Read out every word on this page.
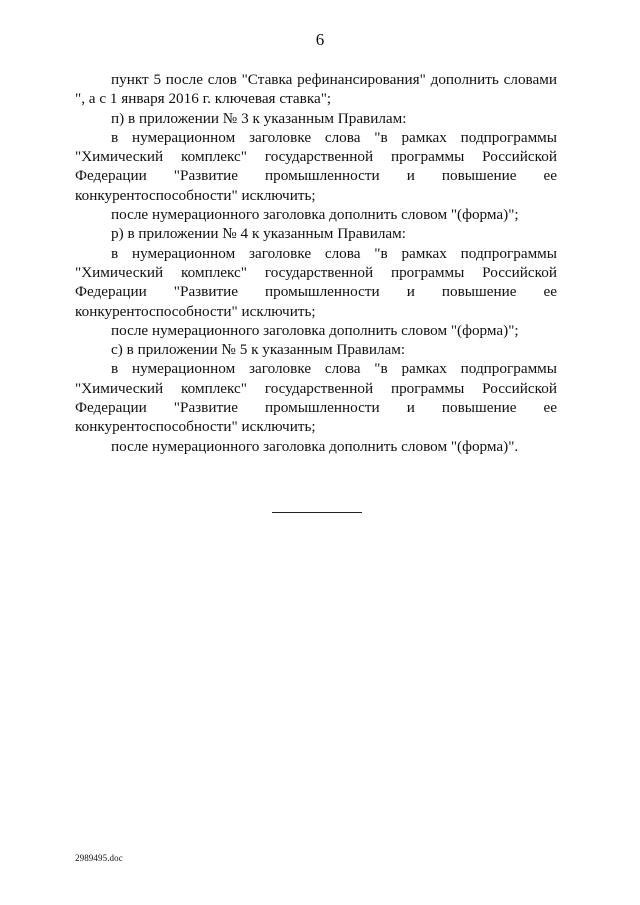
6

пункт 5 после слов "Ставка рефинансирования" дополнить словами ", а с 1 января 2016 г. ключевая ставка";

п) в приложении № 3 к указанным Правилам:

в нумерационном заголовке слова "в рамках подпрограммы "Химический комплекс" государственной программы Российской Федерации "Развитие промышленности и повышение ее конкурентоспособности" исключить;

после нумерационного заголовка дополнить словом "(форма)";

р) в приложении № 4 к указанным Правилам:

в нумерационном заголовке слова "в рамках подпрограммы "Химический комплекс" государственной программы Российской Федерации "Развитие промышленности и повышение ее конкурентоспособности" исключить;

после нумерационного заголовка дополнить словом "(форма)";

с) в приложении № 5 к указанным Правилам:

в нумерационном заголовке слова "в рамках подпрограммы "Химический комплекс" государственной программы Российской Федерации "Развитие промышленности и повышение ее конкурентоспособности" исключить;

после нумерационного заголовка дополнить словом "(форма)".

2989495.doc
